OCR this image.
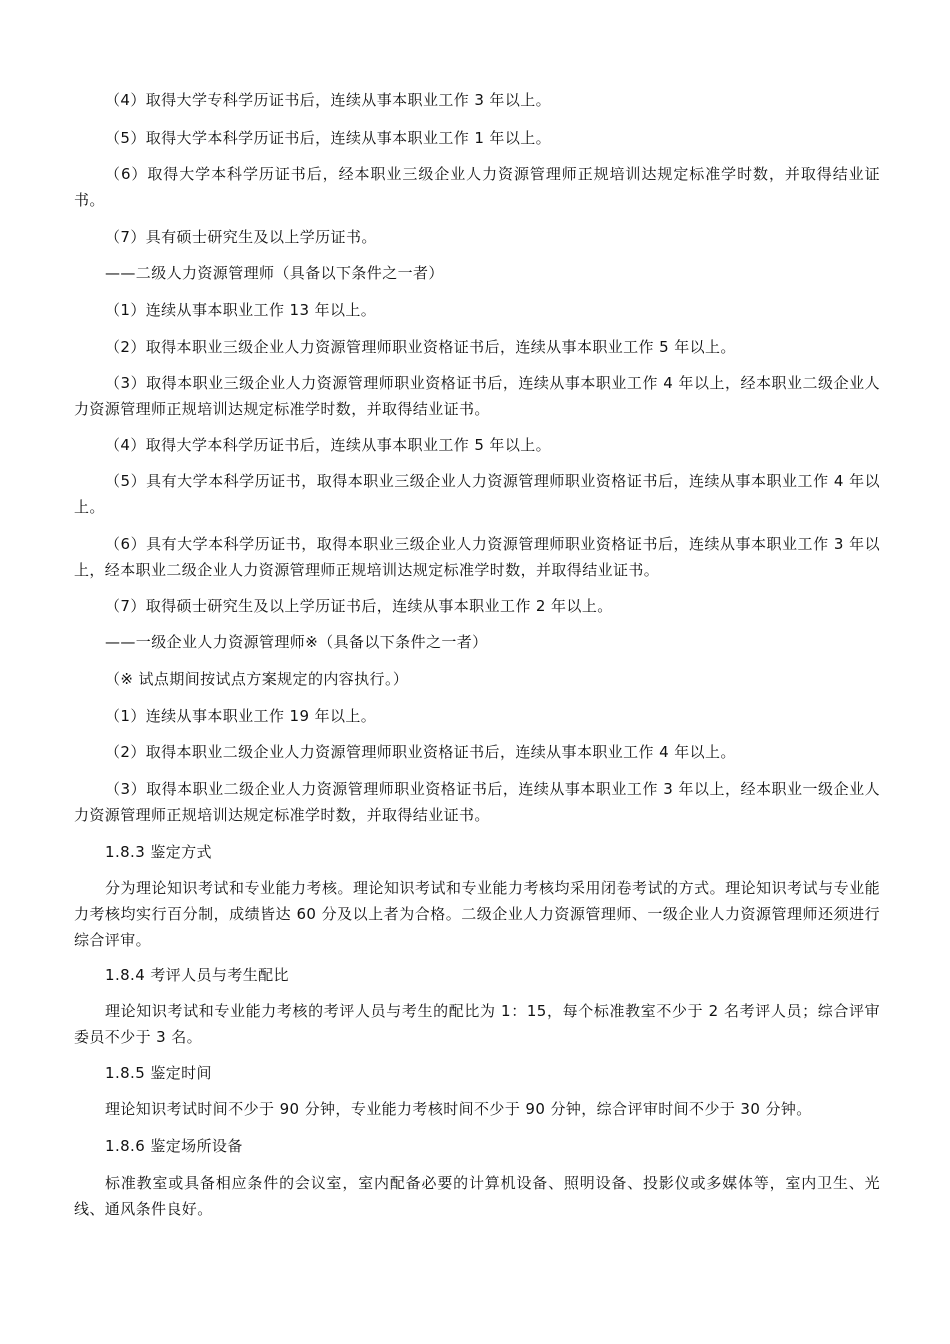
（4）取得大学专科学历证书后，连续从事本职业工作 3 年以上。

（5）取得大学本科学历证书后，连续从事本职业工作 1 年以上。

（6）取得大学本科学历证书后，经本职业三级企业人力资源管理师正规培训达规定标准学时数，并取得结业证书。

（7）具有硕士研究生及以上学历证书。

——二级人力资源管理师（具备以下条件之一者）

（1）连续从事本职业工作 13 年以上。

（2）取得本职业三级企业人力资源管理师职业资格证书后，连续从事本职业工作 5 年以上。

（3）取得本职业三级企业人力资源管理师职业资格证书后，连续从事本职业工作 4 年以上，经本职业二级企业人力资源管理师正规培训达规定标准学时数，并取得结业证书。

（4）取得大学本科学历证书后，连续从事本职业工作 5 年以上。

（5）具有大学本科学历证书，取得本职业三级企业人力资源管理师职业资格证书后，连续从事本职业工作 4 年以上。

（6）具有大学本科学历证书，取得本职业三级企业人力资源管理师职业资格证书后，连续从事本职业工作 3 年以上，经本职业二级企业人力资源管理师正规培训达规定标准学时数，并取得结业证书。

（7）取得硕士研究生及以上学历证书后，连续从事本职业工作 2 年以上。

——一级企业人力资源管理师※（具备以下条件之一者）

（※ 试点期间按试点方案规定的内容执行。）

（1）连续从事本职业工作 19 年以上。

（2）取得本职业二级企业人力资源管理师职业资格证书后，连续从事本职业工作 4 年以上。

（3）取得本职业二级企业人力资源管理师职业资格证书后，连续从事本职业工作 3 年以上，经本职业一级企业人力资源管理师正规培训达规定标准学时数，并取得结业证书。

1.8.3 鉴定方式

分为理论知识考试和专业能力考核。理论知识考试和专业能力考核均采用闭卷考试的方式。理论知识考试与专业能力考核均实行百分制，成绩皆达 60 分及以上者为合格。二级企业人力资源管理师、一级企业人力资源管理师还须进行综合评审。

1.8.4 考评人员与考生配比

理论知识考试和专业能力考核的考评人员与考生的配比为 1：15，每个标准教室不少于 2 名考评人员；综合评审委员不少于 3 名。

1.8.5 鉴定时间

理论知识考试时间不少于 90 分钟，专业能力考核时间不少于 90 分钟，综合评审时间不少于 30 分钟。

1.8.6 鉴定场所设备

标准教室或具备相应条件的会议室，室内配备必要的计算机设备、照明设备、投影仪或多媒体等，室内卫生、光线、通风条件良好。
